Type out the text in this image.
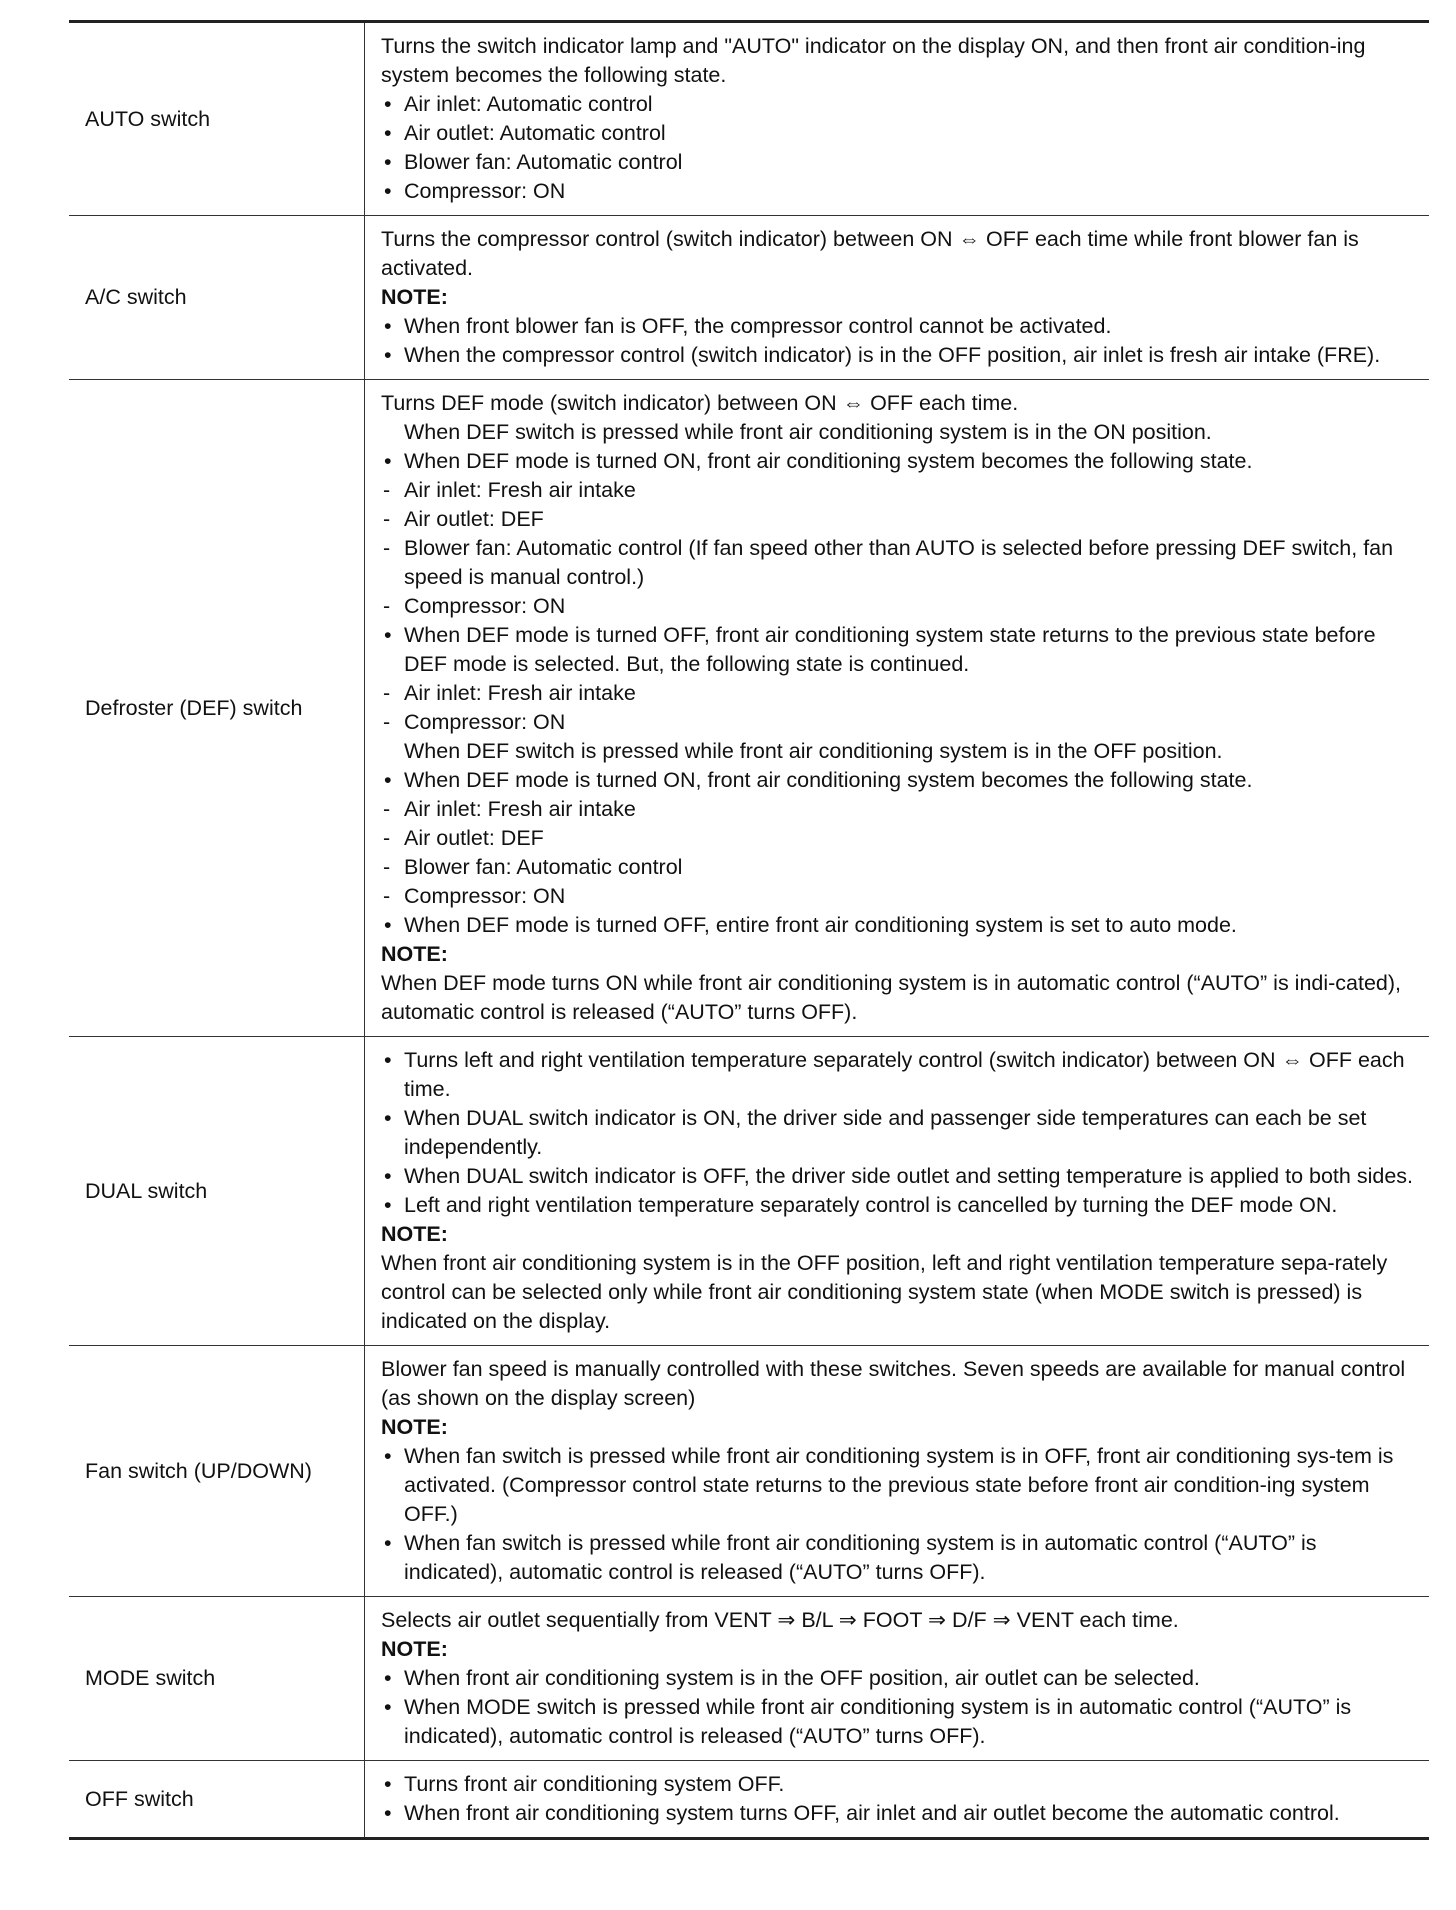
AUTO switch
Turns the switch indicator lamp and "AUTO" indicator on the display ON, and then front air condition-ing system becomes the following state.
• Air inlet: Automatic control
• Air outlet: Automatic control
• Blower fan: Automatic control
• Compressor: ON
A/C switch
Turns the compressor control (switch indicator) between ON ⇔ OFF each time while front blower fan is activated.
NOTE:
• When front blower fan is OFF, the compressor control cannot be activated.
• When the compressor control (switch indicator) is in the OFF position, air inlet is fresh air intake (FRE).
Defroster (DEF) switch
Turns DEF mode (switch indicator) between ON ⇔ OFF each time.
When DEF switch is pressed while front air conditioning system is in the ON position.
• When DEF mode is turned ON, front air conditioning system becomes the following state.
- Air inlet: Fresh air intake
- Air outlet: DEF
- Blower fan: Automatic control (If fan speed other than AUTO is selected before pressing DEF switch, fan speed is manual control.)
- Compressor: ON
• When DEF mode is turned OFF, front air conditioning system state returns to the previous state before DEF mode is selected. But, the following state is continued.
- Air inlet: Fresh air intake
- Compressor: ON
When DEF switch is pressed while front air conditioning system is in the OFF position.
• When DEF mode is turned ON, front air conditioning system becomes the following state.
- Air inlet: Fresh air intake
- Air outlet: DEF
- Blower fan: Automatic control
- Compressor: ON
• When DEF mode is turned OFF, entire front air conditioning system is set to auto mode.
NOTE:
When DEF mode turns ON while front air conditioning system is in automatic control (“AUTO” is indi-cated), automatic control is released (“AUTO” turns OFF).
DUAL switch
• Turns left and right ventilation temperature separately control (switch indicator) between ON ⇔ OFF each time.
• When DUAL switch indicator is ON, the driver side and passenger side temperatures can each be set independently.
• When DUAL switch indicator is OFF, the driver side outlet and setting temperature is applied to both sides.
• Left and right ventilation temperature separately control is cancelled by turning the DEF mode ON.
NOTE:
When front air conditioning system is in the OFF position, left and right ventilation temperature sepa-rately control can be selected only while front air conditioning system state (when MODE switch is pressed) is indicated on the display.
Fan switch (UP/DOWN)
Blower fan speed is manually controlled with these switches. Seven speeds are available for manual control (as shown on the display screen)
NOTE:
• When fan switch is pressed while front air conditioning system is in OFF, front air conditioning sys-tem is activated. (Compressor control state returns to the previous state before front air condition-ing system OFF.)
• When fan switch is pressed while front air conditioning system is in automatic control (“AUTO” is indicated), automatic control is released (“AUTO” turns OFF).
MODE switch
Selects air outlet sequentially from VENT ⇒ B/L ⇒ FOOT ⇒ D/F ⇒ VENT each time.
NOTE:
• When front air conditioning system is in the OFF position, air outlet can be selected.
• When MODE switch is pressed while front air conditioning system is in automatic control (“AUTO” is indicated), automatic control is released (“AUTO” turns OFF).
OFF switch
• Turns front air conditioning system OFF.
• When front air conditioning system turns OFF, air inlet and air outlet become the automatic control.
